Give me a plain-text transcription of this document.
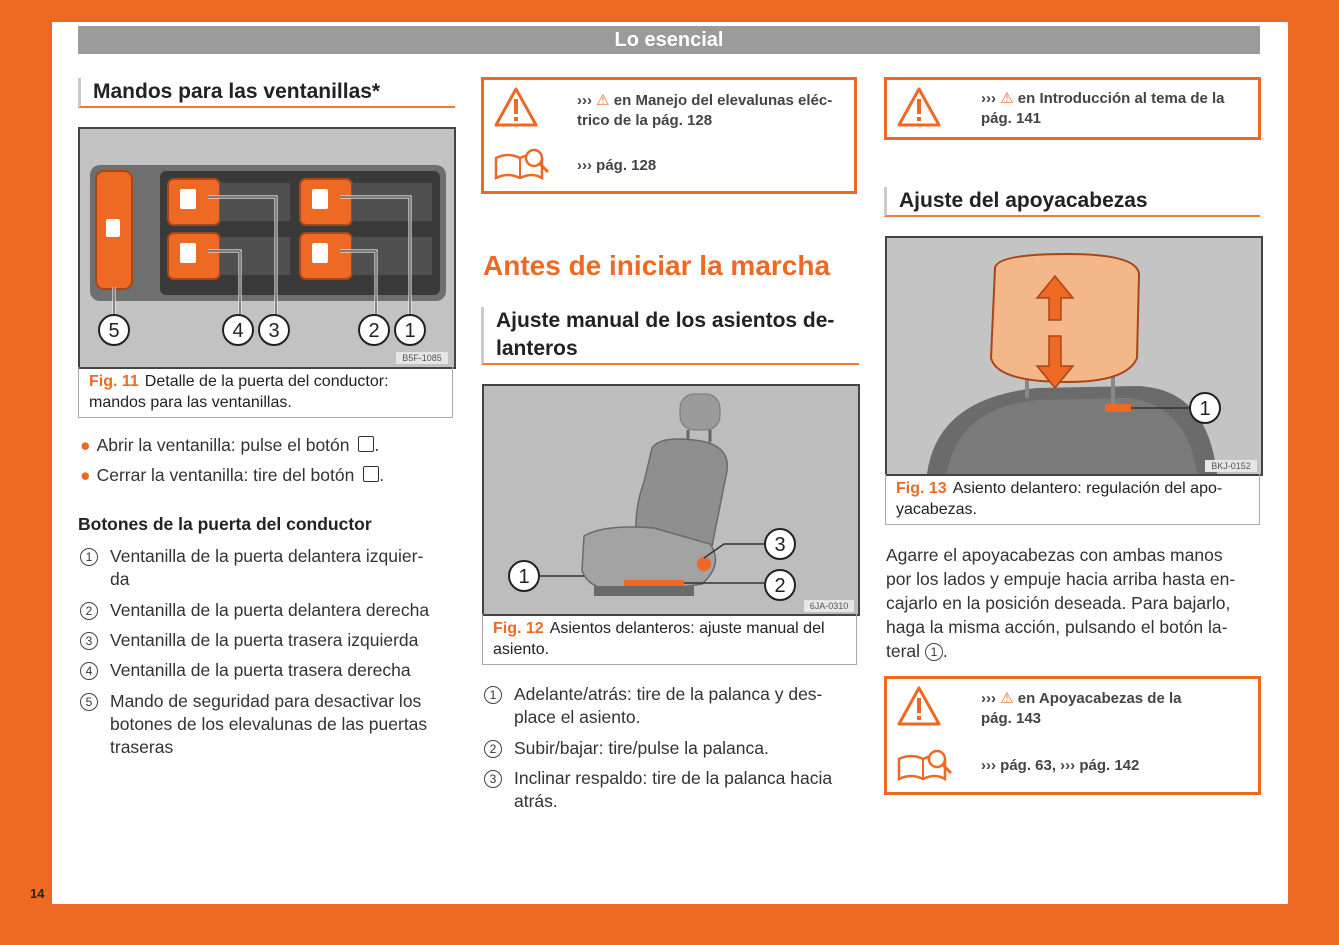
Lo esencial
Mandos para las ventanillas*
5	4 3	2 1
B5F-1085
Fig. 11 Detalle de la puerta del conductor:
mandos para las ventanillas.
● Abrir la ventanilla: pulse el botón .
● Cerrar la ventanilla: tire del botón .
Botones de la puerta del conductor
1	Ventanilla de la puerta delantera izquier-
da
2	Ventanilla de la puerta delantera derecha
3	Ventanilla de la puerta trasera izquierda
4	Ventanilla de la puerta trasera derecha
5	Mando de seguridad para desactivar los
botones de los elevalunas de las puertas
traseras
››› ⚠ en Manejo del elevalunas eléc-
trico de la pág. 128
››› pág. 128
Antes de iniciar la marcha
Ajuste manual de los asientos de-
lanteros
1	2
3
6JA-0310
Fig. 12 Asientos delanteros: ajuste manual del
asiento.
1	Adelante/atrás: tire de la palanca y des-
place el asiento.
2	Subir/bajar: tire/pulse la palanca.
3	Inclinar respaldo: tire de la palanca hacia
atrás.
››› ⚠ en Introducción al tema de la
pág. 141
Ajuste del apoyacabezas
1
BKJ-0152
Fig. 13 Asiento delantero: regulación del apo-
yacabezas.
Agarre el apoyacabezas con ambas manos
por los lados y empuje hacia arriba hasta en-
cajarlo en la posición deseada. Para bajarlo,
haga la misma acción, pulsando el botón la-
teral 1 .
››› ⚠ en Apoyacabezas de la
pág. 143
››› pág. 63, ››› pág. 142
14
